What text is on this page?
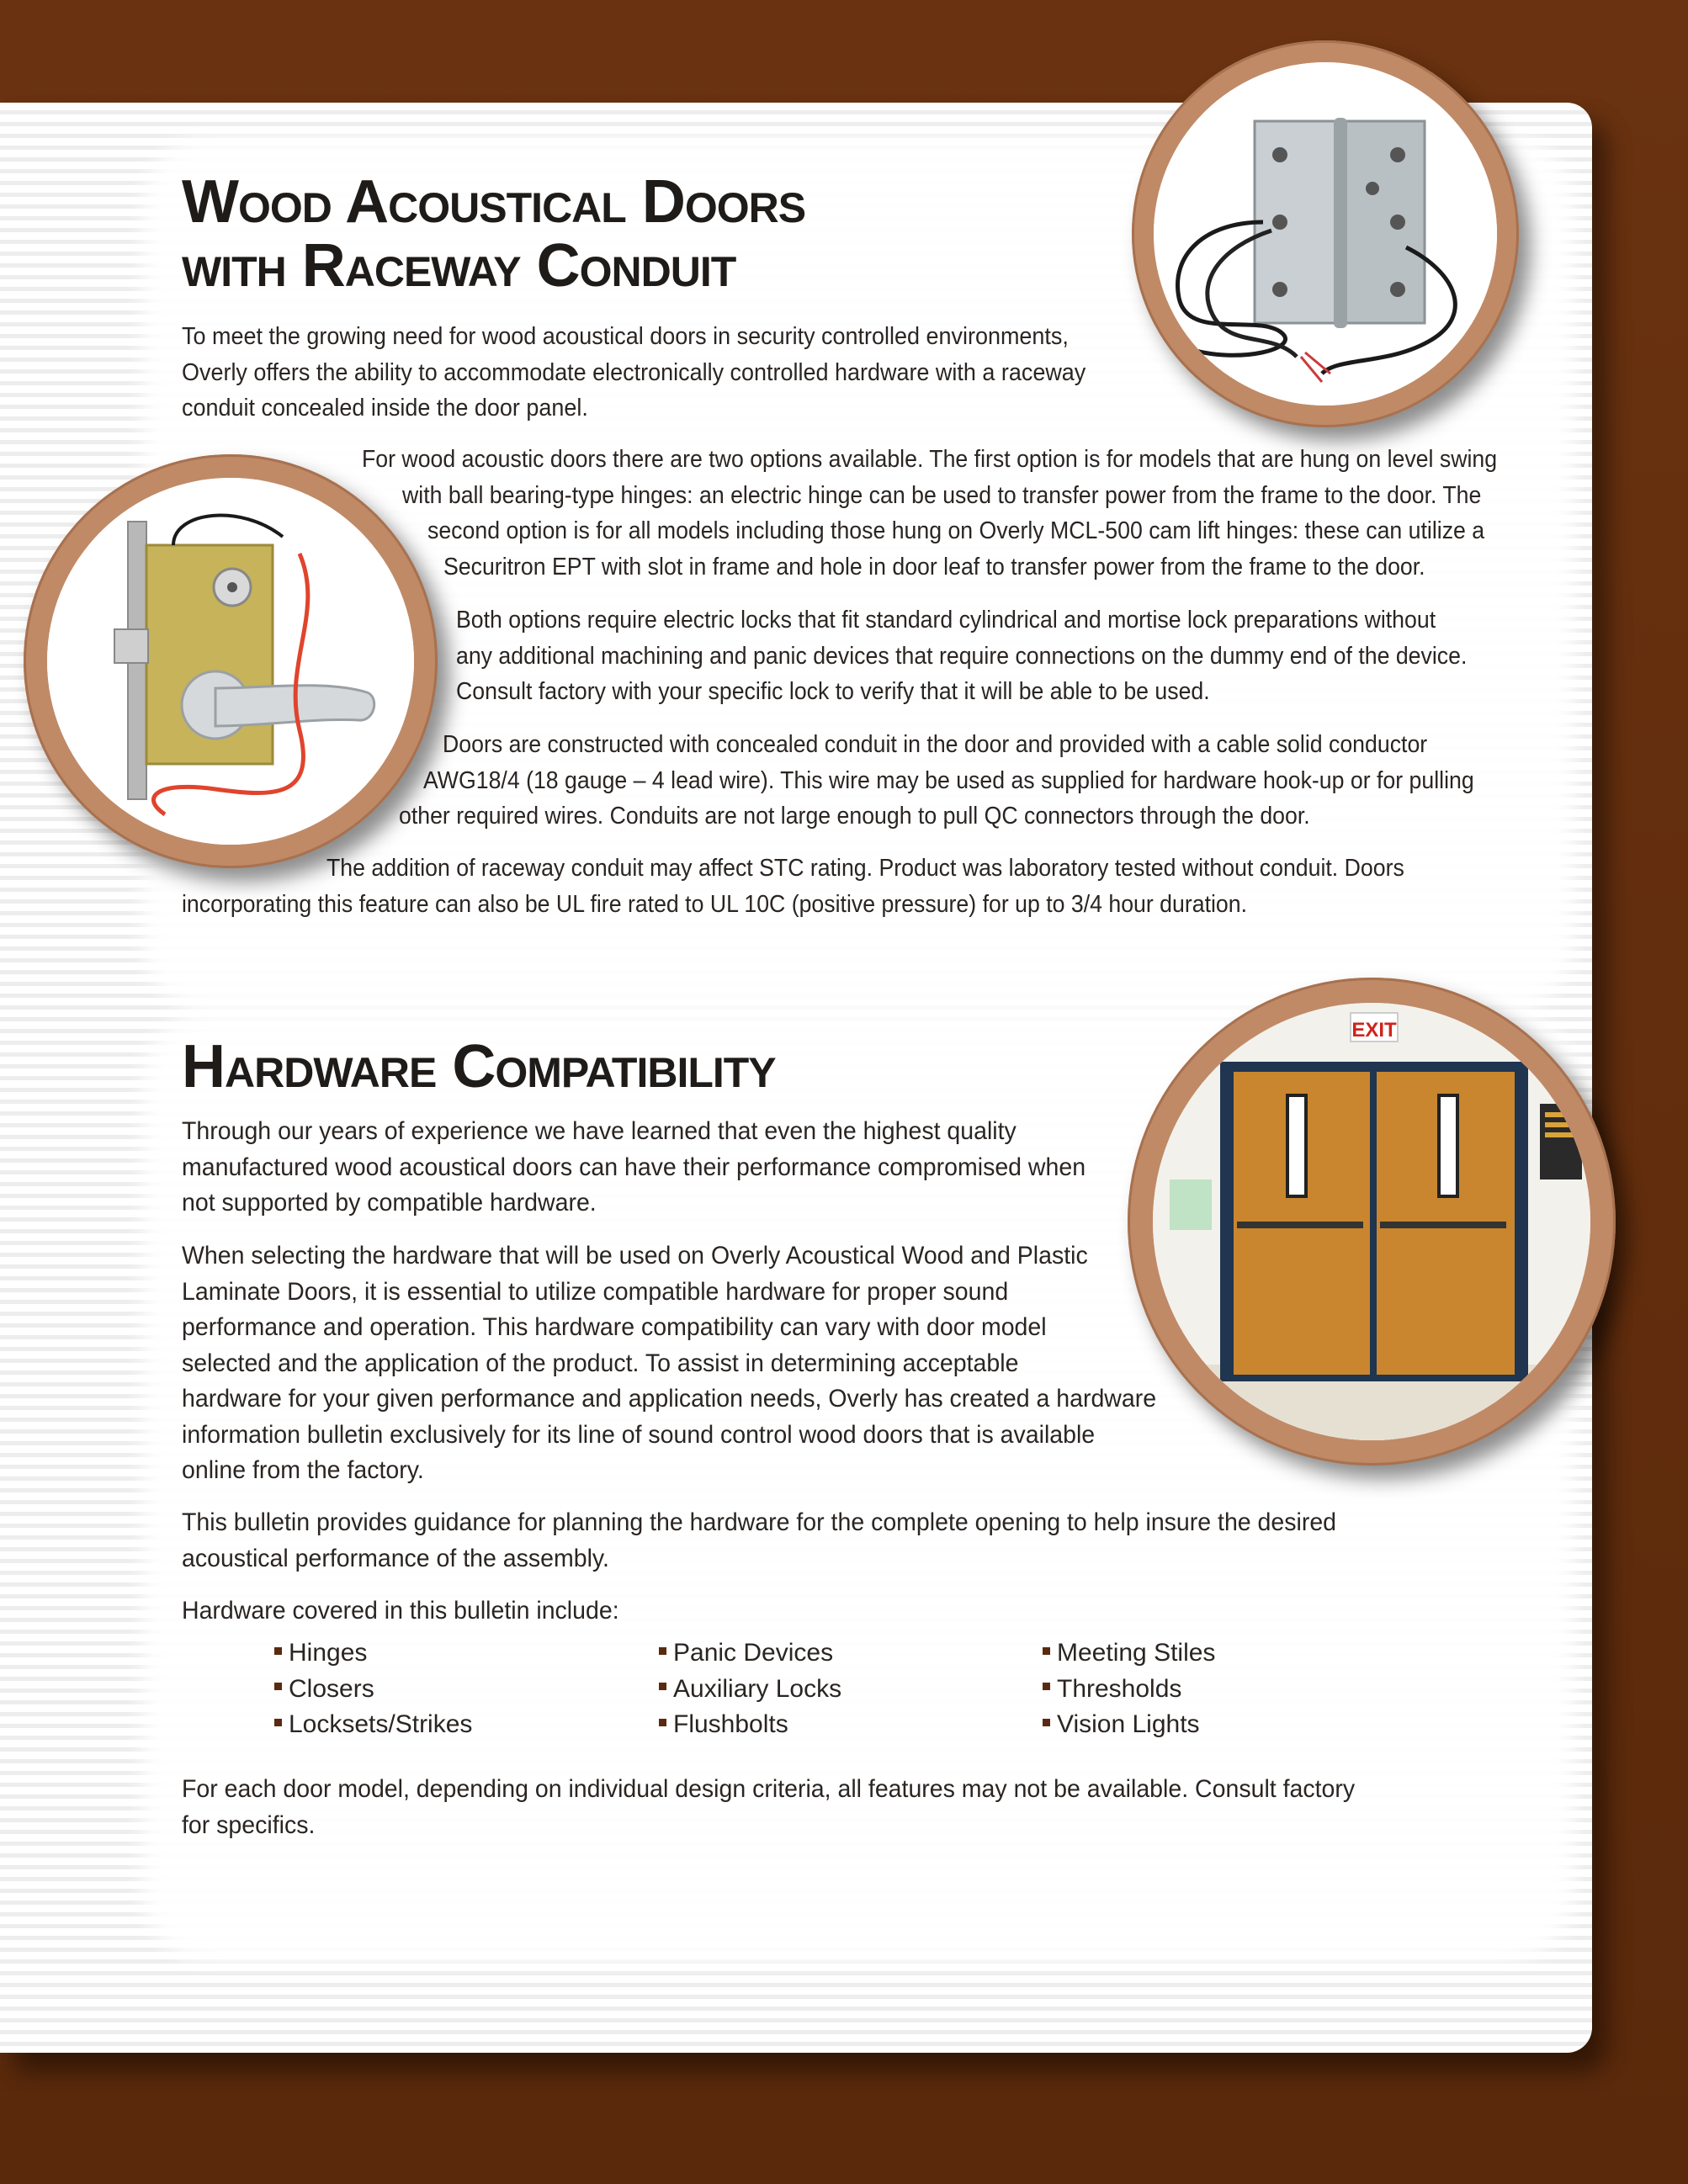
Wood Acoustical Doors
with Raceway Conduit

To meet the growing need for wood acoustical doors in security controlled environments,
Overly offers the ability to accommodate electronically controlled hardware with a raceway
conduit concealed inside the door panel.

For wood acoustic doors there are two options available. The first option is for models that are hung on level swing
with ball bearing-type hinges: an electric hinge can be used to transfer power from the frame to the door. The
second option is for all models including those hung on Overly MCL-500 cam lift hinges: these can utilize a
Securitron EPT with slot in frame and hole in door leaf to transfer power from the frame to the door.

Both options require electric locks that fit standard cylindrical and mortise lock preparations without
any additional machining and panic devices that require connections on the dummy end of the device.
Consult factory with your specific lock to verify that it will be able to be used.

Doors are constructed with concealed conduit in the door and provided with a cable solid conductor
AWG18/4 (18 gauge – 4 lead wire). This wire may be used as supplied for hardware hook-up or for pulling
other required wires. Conduits are not large enough to pull QC connectors through the door.

The addition of raceway conduit may affect STC rating. Product was laboratory tested without conduit. Doors
incorporating this feature can also be UL fire rated to UL 10C (positive pressure) for up to 3/4 hour duration.

Hardware Compatibility

Through our years of experience we have learned that even the highest quality
manufactured wood acoustical doors can have their performance compromised when
not supported by compatible hardware.

When selecting the hardware that will be used on Overly Acoustical Wood and Plastic
Laminate Doors, it is essential to utilize compatible hardware for proper sound
performance and operation. This hardware compatibility can vary with door model
selected and the application of the product. To assist in determining acceptable
hardware for your given performance and application needs, Overly has created a hardware
information bulletin exclusively for its line of sound control wood doors that is available
online from the factory.

This bulletin provides guidance for planning the hardware for the complete opening to help insure the desired
acoustical performance of the assembly.

Hardware covered in this bulletin include:

Hinges
Closers
Locksets/Strikes
Panic Devices
Auxiliary Locks
Flushbolts
Meeting Stiles
Thresholds
Vision Lights

For each door model, depending on individual design criteria, all features may not be available. Consult factory
for specifics.

EXIT
